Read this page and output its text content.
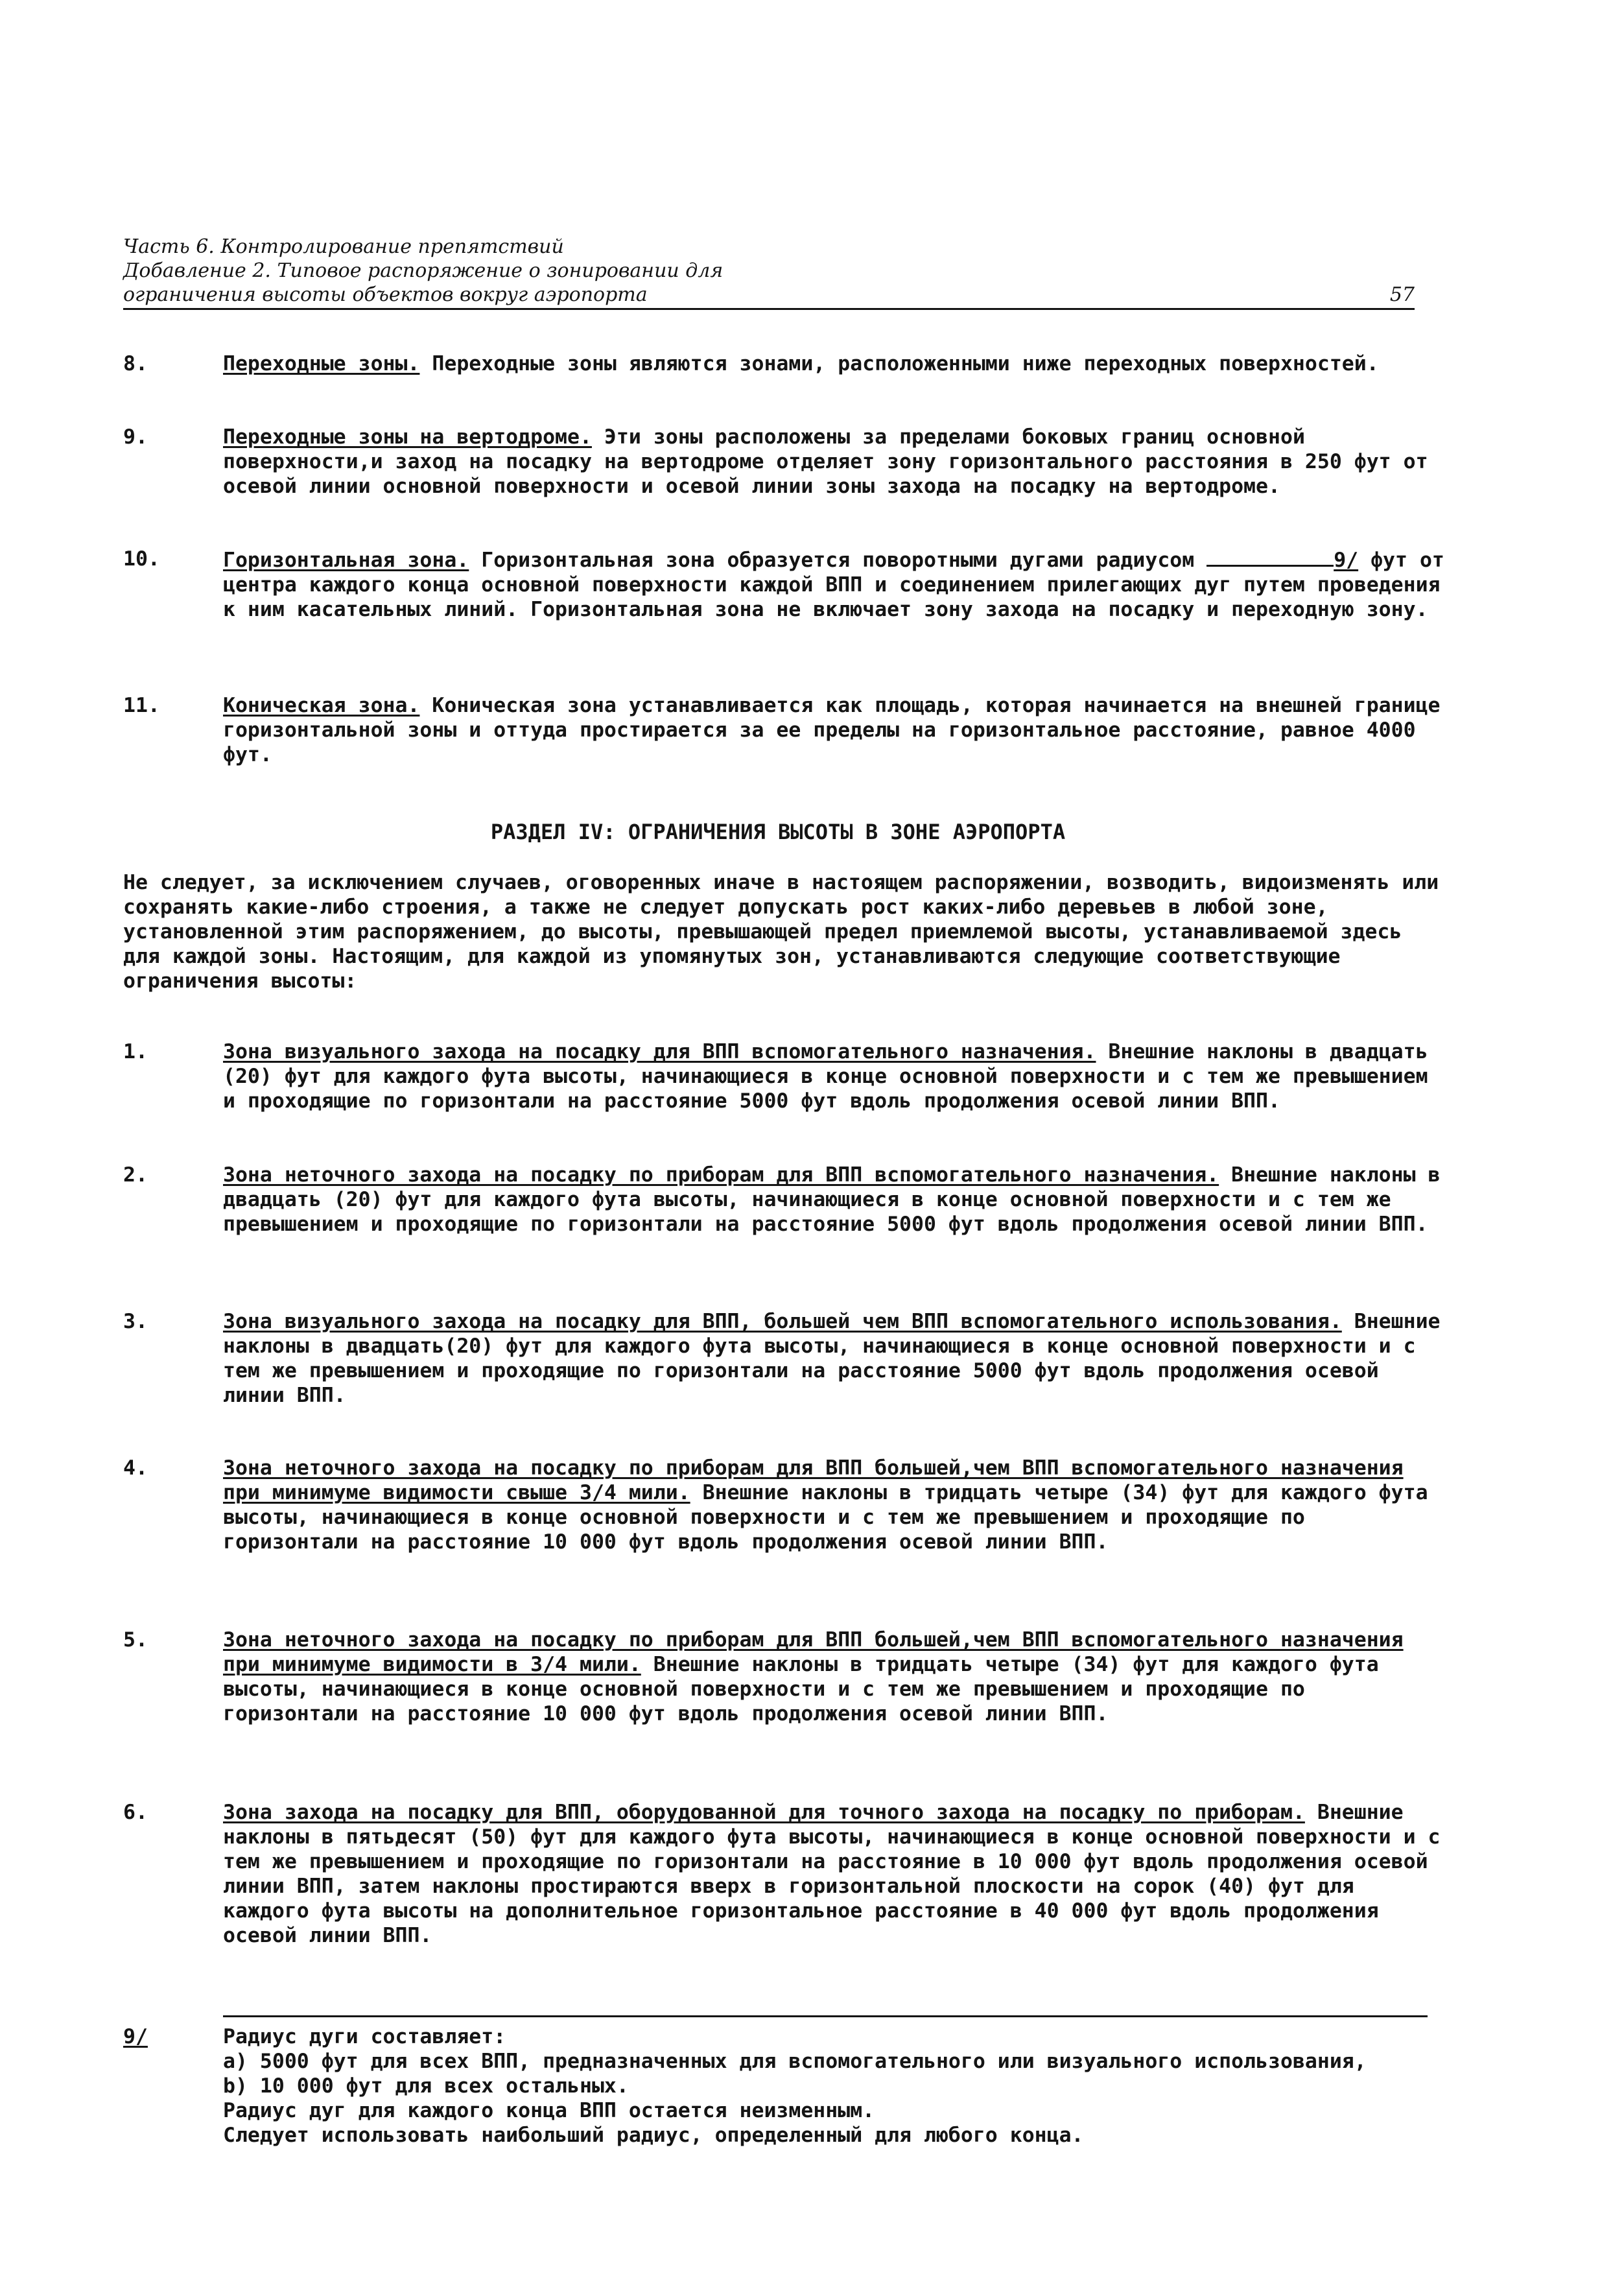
Часть 6. Контролирование препятствий
Добавление 2. Типовое распоряжение о зонировании для
ограничения высоты объектов вокруг аэропорта	57
8.	Переходные зоны. Переходные зоны являются зонами, расположенными ниже переходных поверхностей.
9.	Переходные зоны на вертодроме. Эти зоны расположены за пределами боковых границ основной поверхности,и заход на посадку на вертодроме отделяет зону горизонтального расстояния в 250 фут от осевой линии основной поверхности и осевой линии зоны захода на посадку на вертодроме.
10.	Горизонтальная зона. Горизонтальная зона образуется поворотными дугами радиусом	9/ фут от центра каждого конца основной поверхности каждой ВПП и соединением прилегающих дуг путем проведения к ним касательных линий. Горизонтальная зона не включает зону захода на посадку и переходную зону.
11.	Коническая зона. Коническая зона устанавливается как площадь, которая начинается на внешней границе горизонтальной зоны и оттуда простирается за ее пределы на горизонтальное расстояние, равное 4000 фут.
РАЗДЕЛ IV: ОГРАНИЧЕНИЯ ВЫСОТЫ В ЗОНЕ АЭРОПОРТА
Не следует, за исключением случаев, оговоренных иначе в настоящем распоряжении, возводить, видоизменять или сохранять какие-либо строения, а также не следует допускать рост каких-либо деревьев в любой зоне, установленной этим распоряжением, до высоты, превышающей предел приемлемой высоты, устанавливаемой здесь для каждой зоны. Настоящим, для каждой из упомянутых зон, устанавливаются следующие соответствующие ограничения высоты:
1.	Зона визуального захода на посадку для ВПП вспомогательного назначения. Внешние наклоны в двадцать (20) фут для каждого фута высоты, начинающиеся в конце основной поверхности и с тем же превышением и проходящие по горизонтали на расстояние 5000 фут вдоль продолжения осевой линии ВПП.
2.	Зона неточного захода на посадку по приборам для ВПП вспомогательного назначения. Внешние наклоны в двадцать (20) фут для каждого фута высоты, начинающиеся в конце основной поверхности и с тем же превышением и проходящие по горизонтали на расстояние 5000 фут вдоль продолжения осевой линии ВПП.
3.	Зона визуального захода на посадку для ВПП, большей чем ВПП вспомогательного использования. Внешние наклоны в двадцать(20) фут для каждого фута высоты, начинающиеся в конце основной поверхности и с тем же превышением и проходящие по горизонтали на расстояние 5000 фут вдоль продолжения осевой линии ВПП.
4.	Зона неточного захода на посадку по приборам для ВПП большей,чем ВПП вспомогательного назначения при минимуме видимости свыше 3/4 мили. Внешние наклоны в тридцать четыре (34) фут для каждого фута высоты, начинающиеся в конце основной поверхности и с тем же превышением и проходящие по горизонтали на расстояние 10 000 фут вдоль продолжения осевой линии ВПП.
5.	Зона неточного захода на посадку по приборам для ВПП большей,чем ВПП вспомогательного назначения при минимуме видимости в 3/4 мили. Внешние наклоны в тридцать четыре (34) фут для каждого фута высоты, начинающиеся в конце основной поверхности и с тем же превышением и проходящие по горизонтали на расстояние 10 000 фут вдоль продолжения осевой линии ВПП.
6.	Зона захода на посадку для ВПП, оборудованной для точного захода на посадку по приборам. Внешние наклоны в пятьдесят (50) фут для каждого фута высоты, начинающиеся в конце основной поверхности и с тем же превышением и проходящие по горизонтали на расстояние в 10 000 фут вдоль продолжения осевой линии ВПП, затем наклоны простираются вверх в горизонтальной плоскости на сорок (40) фут для каждого фута высоты на дополнительное горизонтальное расстояние в 40 000 фут вдоль продолжения осевой линии ВПП.
9/	Радиус дуги составляет:
а) 5000 фут для всех ВПП, предназначенных для вспомогательного или визуального использования,
b) 10 000 фут для всех остальных.
Радиус дуг для каждого конца ВПП остается неизменным.
Следует использовать наибольший радиус, определенный для любого конца.
